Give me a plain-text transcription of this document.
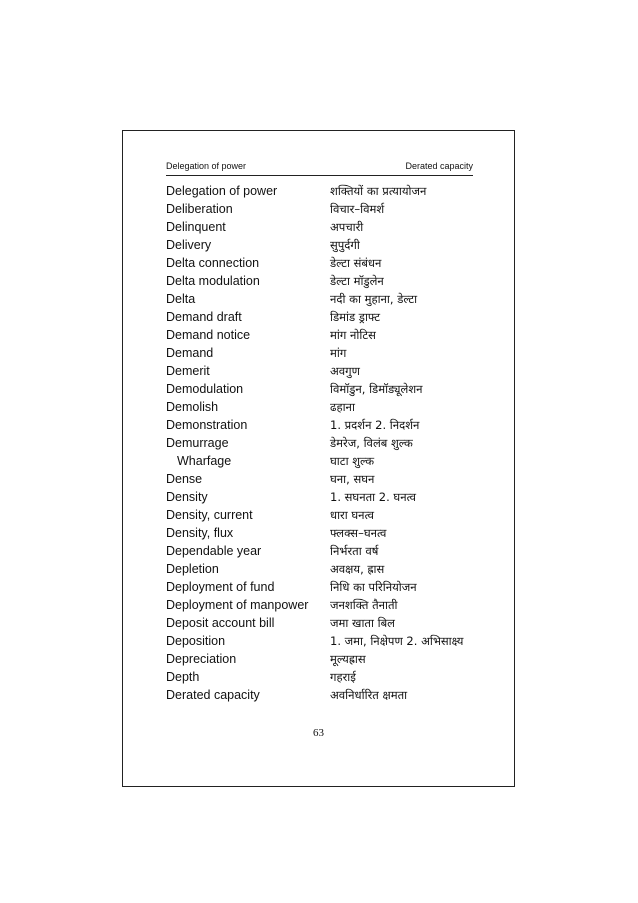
Delegation of power	Derated capacity
Delegation of power	शक्तियों का प्रत्यायोजन
Deliberation	विचार–विमर्श
Delinquent	अपचारी
Delivery	सुपुर्दगी
Delta connection	डेल्टा संबंधन
Delta modulation	डेल्टा मॉडुलेन
Delta	नदी का मुहाना, डेल्टा
Demand draft	डिमांड ड्राफ्ट
Demand notice	मांग नोटिस
Demand	मांग
Demerit	अवगुण
Demodulation	विमॉडुन, डिमॉड्यूलेशन
Demolish	ढहाना
Demonstration	1. प्रदर्शन 2. निदर्शन
Demurrage	डेमरेज, विलंब शुल्क
Wharfage	घाटा शुल्क
Dense	घना, सघन
Density	1. सघनता 2. घनत्व
Density, current	धारा घनत्व
Density, flux	फ्लक्स–घनत्व
Dependable year	निर्भरता वर्ष
Depletion	अवक्षय, ह्रास
Deployment of fund	निधि का परिनियोजन
Deployment of manpower जनशक्ति तैनाती
Deposit account bill	जमा खाता बिल
Deposition	1. जमा, निक्षेपण 2. अभिसाक्ष्य
Depreciation	मूल्यह्रास
Depth	गहराई
Derated capacity	अवनिर्धारित क्षमता
63
